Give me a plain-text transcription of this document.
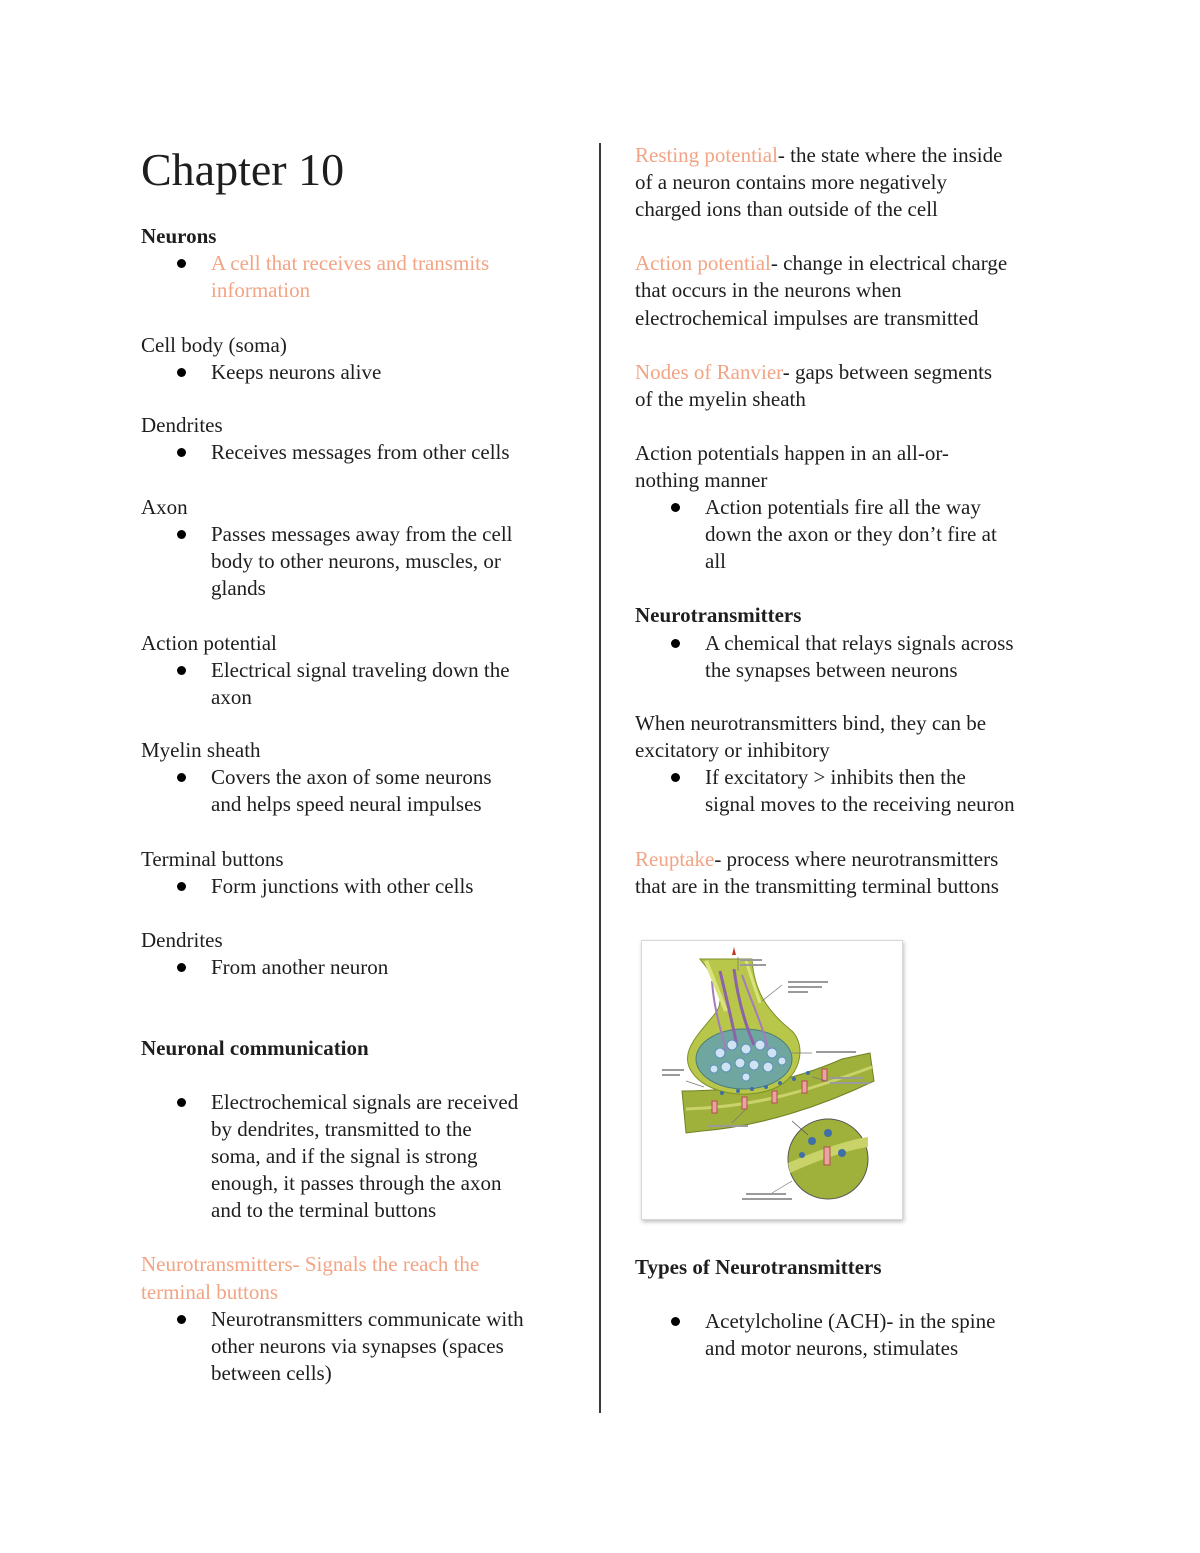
Chapter 10
Neurons
A cell that receives and transmits
information
Cell body (soma)
Keeps neurons alive
Dendrites
Receives messages from other cells
Axon
Passes messages away from the cell
body to other neurons, muscles, or
glands
Action potential
Electrical signal traveling down the
axon
Myelin sheath
Covers the axon of some neurons
and helps speed neural impulses
Terminal buttons
Form junctions with other cells
Dendrites
From another neuron
Neuronal communication
Electrochemical signals are received
by dendrites, transmitted to the
soma, and if the signal is strong
enough, it passes through the axon
and to the terminal buttons
Neurotransmitters- Signals the reach the
terminal buttons
Neurotransmitters communicate with
other neurons via synapses (spaces
between cells)
Resting potential- the state where the inside
of a neuron contains more negatively
charged ions than outside of the cell
Action potential- change in electrical charge
that occurs in the neurons when
electrochemical impulses are transmitted
Nodes of Ranvier- gaps between segments
of the myelin sheath
Action potentials happen in an all-or-
nothing manner
Action potentials fire all the way
down the axon or they don’t fire at
all
Neurotransmitters
A chemical that relays signals across
the synapses between neurons
When neurotransmitters bind, they can be
excitatory or inhibitory
If excitatory > inhibits then the
signal moves to the receiving neuron
Reuptake- process where neurotransmitters
that are in the transmitting terminal buttons
Types of Neurotransmitters
Acetylcholine (ACH)- in the spine
and motor neurons, stimulates
